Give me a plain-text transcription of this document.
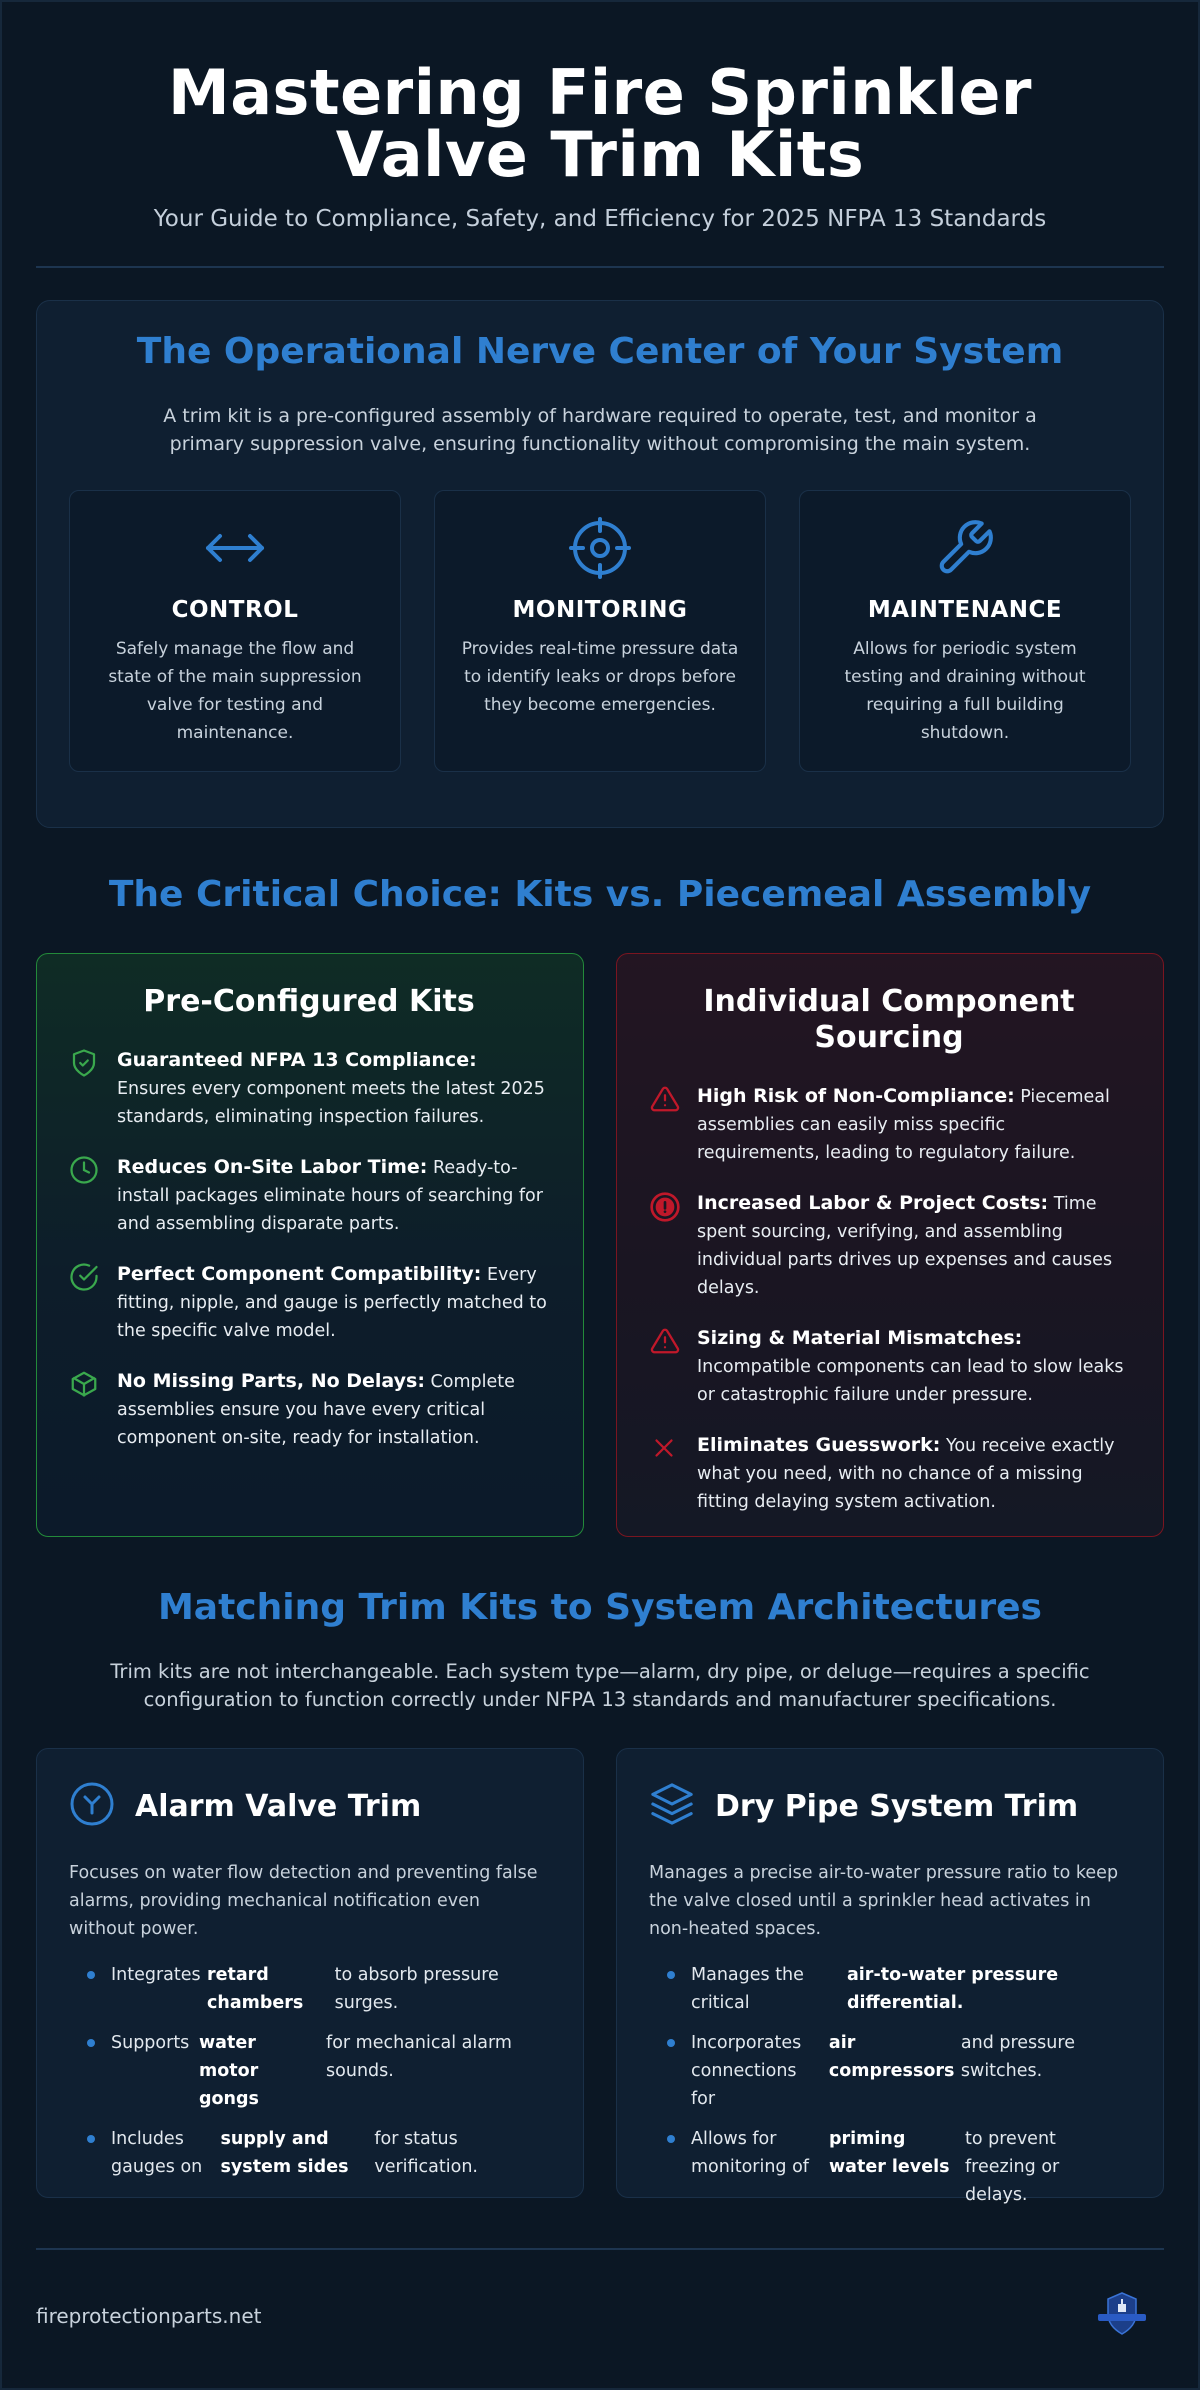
Mastering Fire Sprinkler Valve Trim Kits
Your Guide to Compliance, Safety, and Efficiency for 2025 NFPA 13 Standards
The Operational Nerve Center of Your System

A trim kit is a pre-configured assembly of hardware required to operate, test, and monitor a primary suppression valve, ensuring functionality without compromising the main system.

CONTROL

Safely manage the flow and state of the main suppression valve for testing and maintenance.

MONITORING

Provides real-time pressure data to identify leaks or drops before they become emergencies.

MAINTENANCE

Allows for periodic system testing and draining without requiring a full building shutdown.

The Critical Choice: Kits vs. Piecemeal Assembly
Pre-Configured Kits
Guaranteed NFPA 13 Compliance: Ensures every component meets the latest 2025 standards, eliminating inspection failures.
Reduces On-Site Labor Time: Ready-to-install packages eliminate hours of searching for and assembling disparate parts.
Perfect Component Compatibility: Every fitting, nipple, and gauge is perfectly matched to the specific valve model.
No Missing Parts, No Delays: Complete assemblies ensure you have every critical component on-site, ready for installation.
Individual Component Sourcing
High Risk of Non-Compliance: Piecemeal assemblies can easily miss specific requirements, leading to regulatory failure.
Increased Labor & Project Costs: Time spent sourcing, verifying, and assembling individual parts drives up expenses and causes delays.
Sizing & Material Mismatches: Incompatible components can lead to slow leaks or catastrophic failure under pressure.
Eliminates Guesswork: You receive exactly what you need, with no chance of a missing fitting delaying system activation.
Matching Trim Kits to System Architectures

Trim kits are not interchangeable. Each system type—alarm, dry pipe, or deluge—requires a specific configuration to function correctly under NFPA 13 standards and manufacturer specifications.

Alarm Valve Trim

Focuses on water flow detection and preventing false alarms, providing mechanical notification even without power.

Integrates retard chambers
to absorb pressure surges.
Supports water motor gongs
for mechanical alarm sounds.
Includes gauges on
supply and system sides
for status verification.
Dry Pipe System Trim

Manages a precise air-to-water pressure ratio to keep the valve closed until a sprinkler head activates in non-heated spaces.

Manages the critical
air-to-water pressure differential.
Incorporates connections for
air compressors
and pressure switches.
Allows for monitoring of
priming water levels
to prevent freezing or delays.
fireprotectionparts.net
